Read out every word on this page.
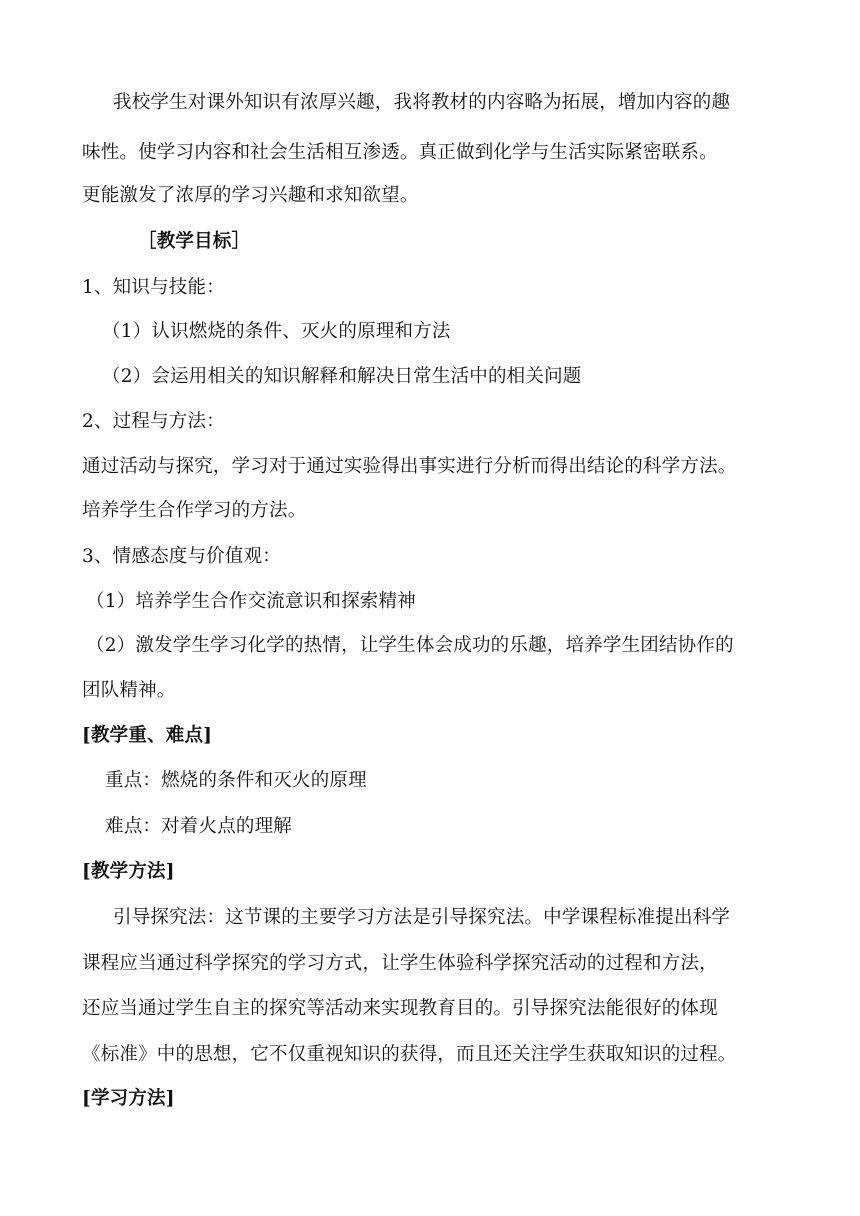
我校学生对课外知识有浓厚兴趣，我将教材的内容略为拓展，增加内容的趣
味性。使学习内容和社会生活相互渗透。真正做到化学与生活实际紧密联系。
更能激发了浓厚的学习兴趣和求知欲望。
［教学目标］
1、知识与技能：
（1）认识燃烧的条件、灭火的原理和方法
（2）会运用相关的知识解释和解决日常生活中的相关问题
2、过程与方法：
通过活动与探究，学习对于通过实验得出事实进行分析而得出结论的科学方法。
培养学生合作学习的方法。
3、情感态度与价值观：
（1）培养学生合作交流意识和探索精神
（2）激发学生学习化学的热情，让学生体会成功的乐趣，培养学生团结协作的
团队精神。
[教学重、难点]
重点：燃烧的条件和灭火的原理
难点：对着火点的理解
[教学方法]
引导探究法：这节课的主要学习方法是引导探究法。中学课程标准提出科学
课程应当通过科学探究的学习方式，让学生体验科学探究活动的过程和方法，
还应当通过学生自主的探究等活动来实现教育目的。引导探究法能很好的体现
《标准》中的思想，它不仅重视知识的获得，而且还关注学生获取知识的过程。
[学习方法]
